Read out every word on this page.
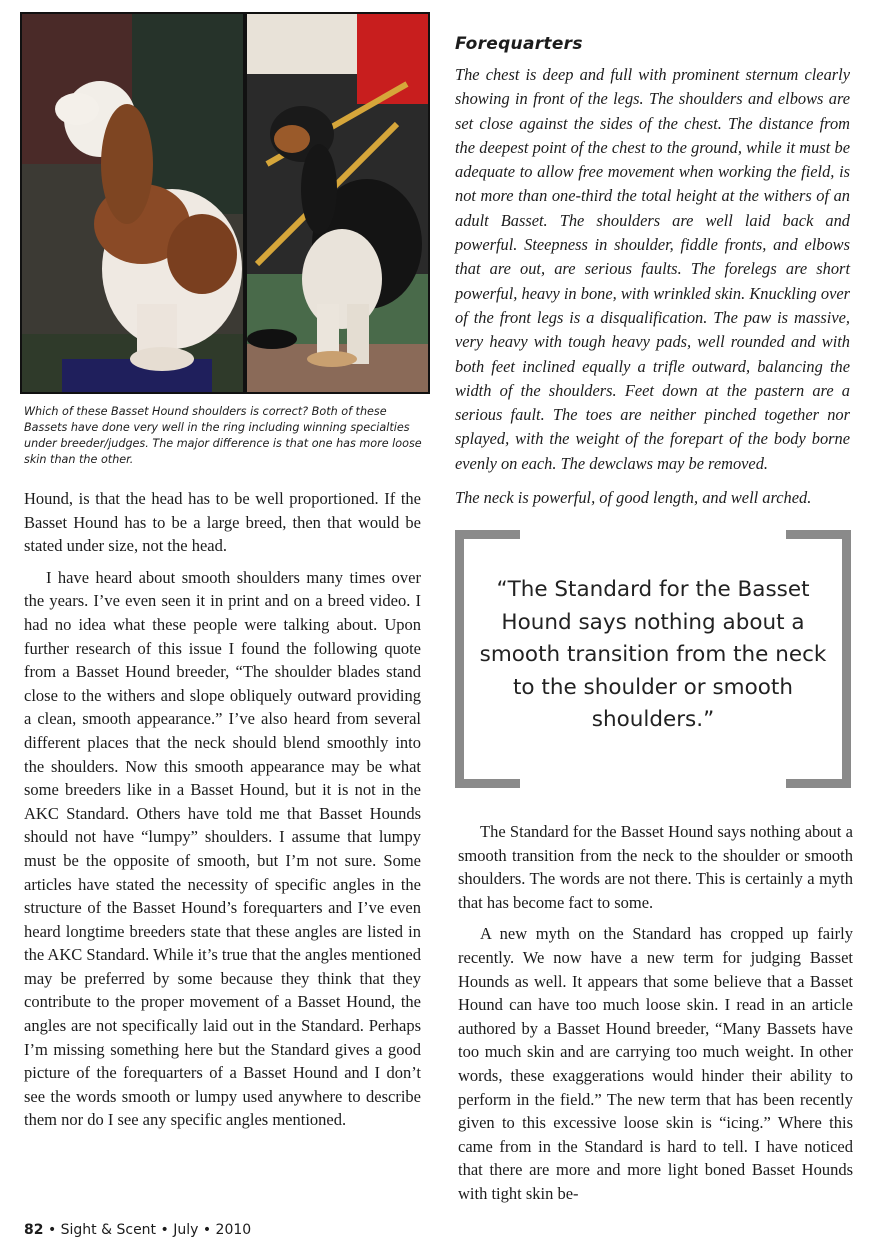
Which of these Basset Hound shoulders is correct? Both of these Bassets have done very well in the ring including winning specialties under breeder/judges. The major difference is that one has more loose skin than the other.

Hound, is that the head has to be well proportioned. If the Basset Hound has to be a large breed, then that would be stated under size, not the head.

I have heard about smooth shoulders many times over the years. I’ve even seen it in print and on a breed video. I had no idea what these people were talking about. Upon further research of this issue I found the following quote from a Basset Hound breeder, “The shoulder blades stand close to the withers and slope obliquely outward providing a clean, smooth appearance.” I’ve also heard from several different places that the neck should blend smoothly into the shoulders. Now this smooth appearance may be what some breeders like in a Basset Hound, but it is not in the AKC Standard. Others have told me that Basset Hounds should not have “lumpy” shoulders. I assume that lumpy must be the opposite of smooth, but I’m not sure. Some articles have stated the necessity of specific angles in the structure of the Basset Hound’s forequarters and I’ve even heard longtime breeders state that these angles are listed in the AKC Standard. While it’s true that the angles mentioned may be preferred by some because they think that they contribute to the proper movement of a Basset Hound, the angles are not specifically laid out in the Standard. Perhaps I’m missing something here but the Standard gives a good picture of the forequarters of a Basset Hound and I don’t see the words smooth or lumpy used anywhere to describe them nor do I see any specific angles mentioned.

Forequarters

The chest is deep and full with prominent sternum clearly showing in front of the legs. The shoulders and elbows are set close against the sides of the chest. The distance from the deepest point of the chest to the ground, while it must be adequate to allow free movement when working the field, is not more than one-third the total height at the withers of an adult Basset. The shoulders are well laid back and powerful. Steepness in shoulder, fiddle fronts, and elbows that are out, are serious faults. The forelegs are short powerful, heavy in bone, with wrinkled skin. Knuckling over of the front legs is a disqualification. The paw is massive, very heavy with tough heavy pads, well rounded and with both feet inclined equally a trifle outward, balancing the width of the shoulders. Feet down at the pastern are a serious fault. The toes are neither pinched together nor splayed, with the weight of the forepart of the body borne evenly on each. The dewclaws may be removed.

The neck is powerful, of good length, and well arched.

“The Standard for the Basset Hound says nothing about a smooth transition from the neck to the shoulder or smooth shoulders.”

The Standard for the Basset Hound says nothing about a smooth transition from the neck to the shoulder or smooth shoulders. The words are not there. This is certainly a myth that has become fact to some.

A new myth on the Standard has cropped up fairly recently. We now have a new term for judging Basset Hounds as well. It appears that some believe that a Basset Hound can have too much loose skin. I read in an article authored by a Basset Hound breeder, “Many Bassets have too much skin and are carrying too much weight. In other words, these exaggerations would hinder their ability to perform in the field.” The new term that has been recently given to this excessive loose skin is “icing.” Where this came from in the Standard is hard to tell. I have noticed that there are more and more light boned Basset Hounds with tight skin be-

82 • Sight & Scent • July • 2010
